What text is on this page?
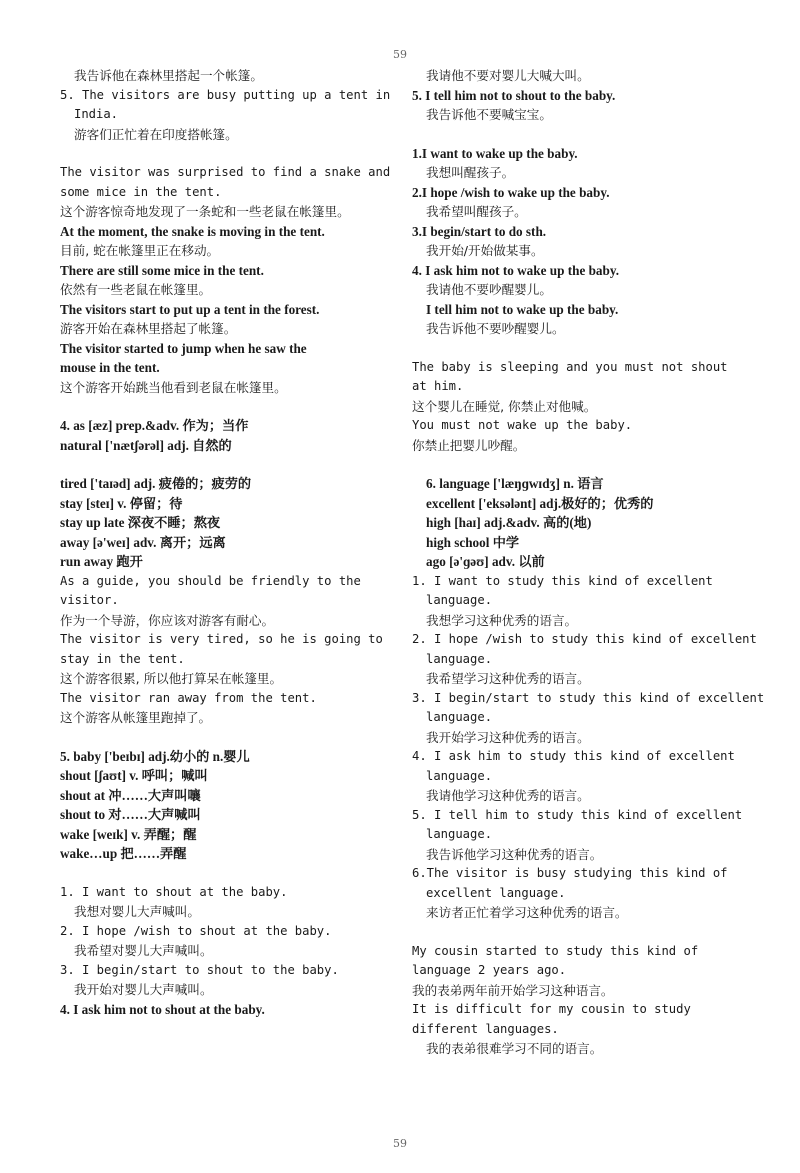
59

我告诉他在森林里搭起一个帐篷。

5. The visitors are busy putting up a tent in

India.

游客们正忙着在印度搭帐篷。

The visitor was surprised to find a snake and

some mice in the tent.

这个游客惊奇地发现了一条蛇和一些老鼠在帐篷里。

At the moment, the snake is moving in the tent.

目前, 蛇在帐篷里正在移动。

There are still some mice in the tent.

依然有一些老鼠在帐篷里。

The visitors start to put up a tent in the forest.

游客开始在森林里搭起了帐篷。

The visitor started to jump when he saw the

mouse in the tent.

这个游客开始跳当他看到老鼠在帐篷里。

4. as [æz] prep.&adv. 作为；当作

natural ['nætʃərəl] adj. 自然的

tired ['taɪəd] adj. 疲倦的；疲劳的

stay [steɪ] v. 停留；待

stay up late 深夜不睡；熬夜

away [ə'weɪ] adv. 离开；远离

run away 跑开

As a guide, you should be friendly to the

visitor.

作为一个导游，你应该对游客有耐心。

The visitor is very tired, so he is going to

stay in the tent.

这个游客很累, 所以他打算呆在帐篷里。

The visitor ran away from the tent.

这个游客从帐篷里跑掉了。

5. baby ['beɪbɪ] adj.幼小的 n.婴儿

shout [ʃaʊt] v. 呼叫；喊叫

shout at 冲……大声叫嚷

shout to 对……大声喊叫

wake [weɪk] v. 弄醒；醒

wake…up 把……弄醒

1. I want to shout at the baby.

我想对婴儿大声喊叫。

2. I hope /wish to shout at the baby.

我希望对婴儿大声喊叫。

3. I begin/start to shout to the baby.

我开始对婴儿大声喊叫。

4. I ask him not to shout at the baby.

我请他不要对婴儿大喊大叫。

5. I tell him not to shout to the baby.

我告诉他不要喊宝宝。

1.I want to wake up the baby.

我想叫醒孩子。

2.I hope /wish to wake up the baby.

我希望叫醒孩子。

3.I begin/start to do sth.

我开始/开始做某事。

4. I ask him not to wake up the baby.

我请他不要吵醒婴儿。

I tell him not to wake up the baby.

我告诉他不要吵醒婴儿。

The baby is sleeping and you must not shout

at him.

这个婴儿在睡觉, 你禁止对他喊。

You must not wake up the baby.

你禁止把婴儿吵醒。

6. language ['læŋɡwɪdʒ] n. 语言

excellent ['eksələnt] adj.极好的；优秀的

high [haɪ] adj.&adv. 高的(地)

high school 中学

ago [ə'ɡəʊ] adv. 以前

1. I want to study this kind of excellent

language.

我想学习这种优秀的语言。

2. I hope /wish to study this kind of excellent

language.

我希望学习这种优秀的语言。

3. I begin/start to study this kind of excellent

language.

我开始学习这种优秀的语言。

4. I ask him to study this kind of excellent

language.

我请他学习这种优秀的语言。

5. I tell him to study this kind of excellent

language.

我告诉他学习这种优秀的语言。

6.The visitor is busy studying this kind of

excellent language.

来访者正忙着学习这种优秀的语言。

My cousin started to study this kind of

language 2 years ago.

我的表弟两年前开始学习这种语言。

It is difficult for my cousin to study

different languages.

我的表弟很难学习不同的语言。

59
